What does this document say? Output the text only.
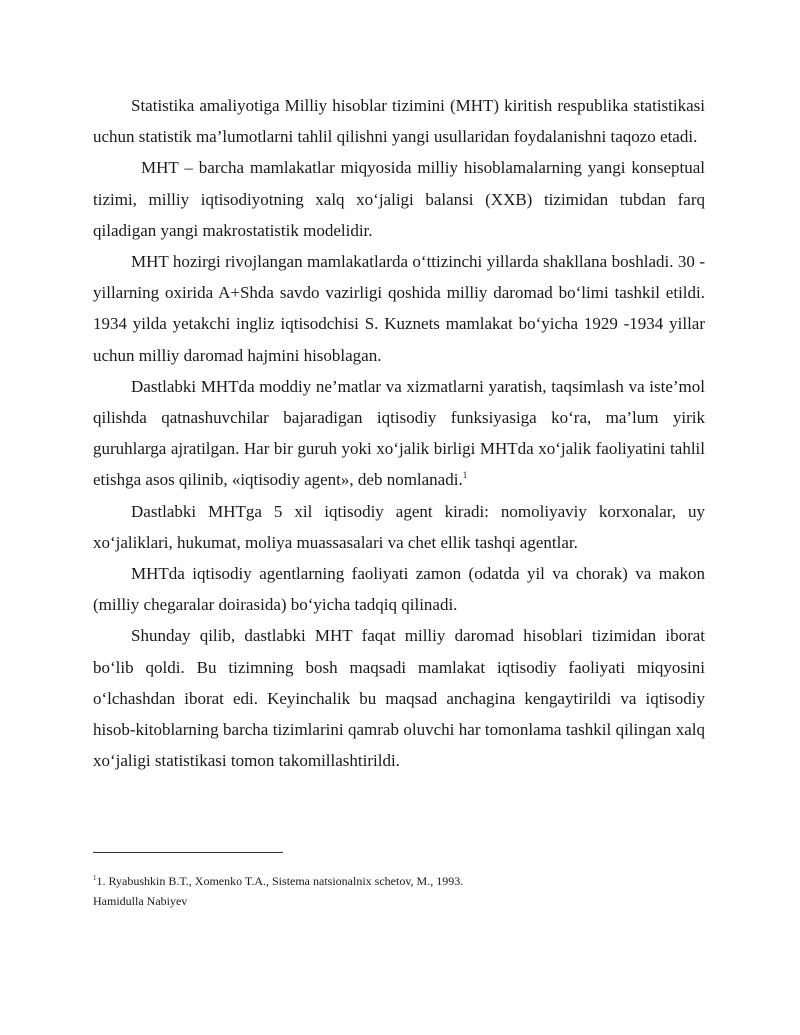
Statistika amaliyotiga Milliy hisoblar tizimini (MHT) kiritish respublika statistikasi uchun statistik ma’lumotlarni tahlil qilishni yangi usullaridan foydalanishni taqozo etadi.

MHT – barcha mamlakatlar miqyosida milliy hisoblamalarning yangi konseptual tizimi, milliy iqtisodiyotning xalq xo‘jaligi balansi (XXB) tizimidan tubdan farq qiladigan yangi makrostatistik modelidir.

MHT hozirgi rivojlangan mamlakatlarda o‘ttizinchi yillarda shakllana boshladi. 30 - yillarning oxirida A+Shda savdo vazirligi qoshida milliy daromad bo‘limi tashkil etildi. 1934 yilda yetakchi ingliz iqtisodchisi S. Kuznets mamlakat bo‘yicha 1929 -1934 yillar uchun milliy daromad hajmini hisoblagan.

Dastlabki MHTda moddiy ne’matlar va xizmatlarni yaratish, taqsimlash va iste’mol qilishda qatnashuvchilar bajaradigan iqtisodiy funksiyasiga ko‘ra, ma’lum yirik guruhlarga ajratilgan. Har bir guruh yoki xo‘jalik birligi MHTda xo‘jalik faoliyatini tahlil etishga asos qilinib, «iqtisodiy agent», deb nomlanadi.$^1$

Dastlabki MHTga 5 xil iqtisodiy agent kiradi: nomoliyaviy korxonalar, uy xo‘jaliklari, hukumat, moliya muassasalari va chet ellik tashqi agentlar.

MHTda iqtisodiy agentlarning faoliyati zamon (odatda yil va chorak) va makon (milliy chegaralar doirasida) bo‘yicha tadqiq qilinadi.

Shunday qilib, dastlabki MHT faqat milliy daromad hisoblari tizimidan iborat bo‘lib qoldi. Bu tizimning bosh maqsadi mamlakat iqtisodiy faoliyati miqyosini o‘lchashdan iborat edi. Keyinchalik bu maqsad anchagina kengaytirildi va iqtisodiy hisob-kitoblarning barcha tizimlarini qamrab oluvchi har tomonlama tashkil qilingan xalq xo‘jaligi statistikasi tomon takomillashtirildi.

$^1$1. Ryabushkin B.T., Xomenko T.A., Sistema natsionalnix schetov, M., 1993.
Hamidulla Nabiyev
